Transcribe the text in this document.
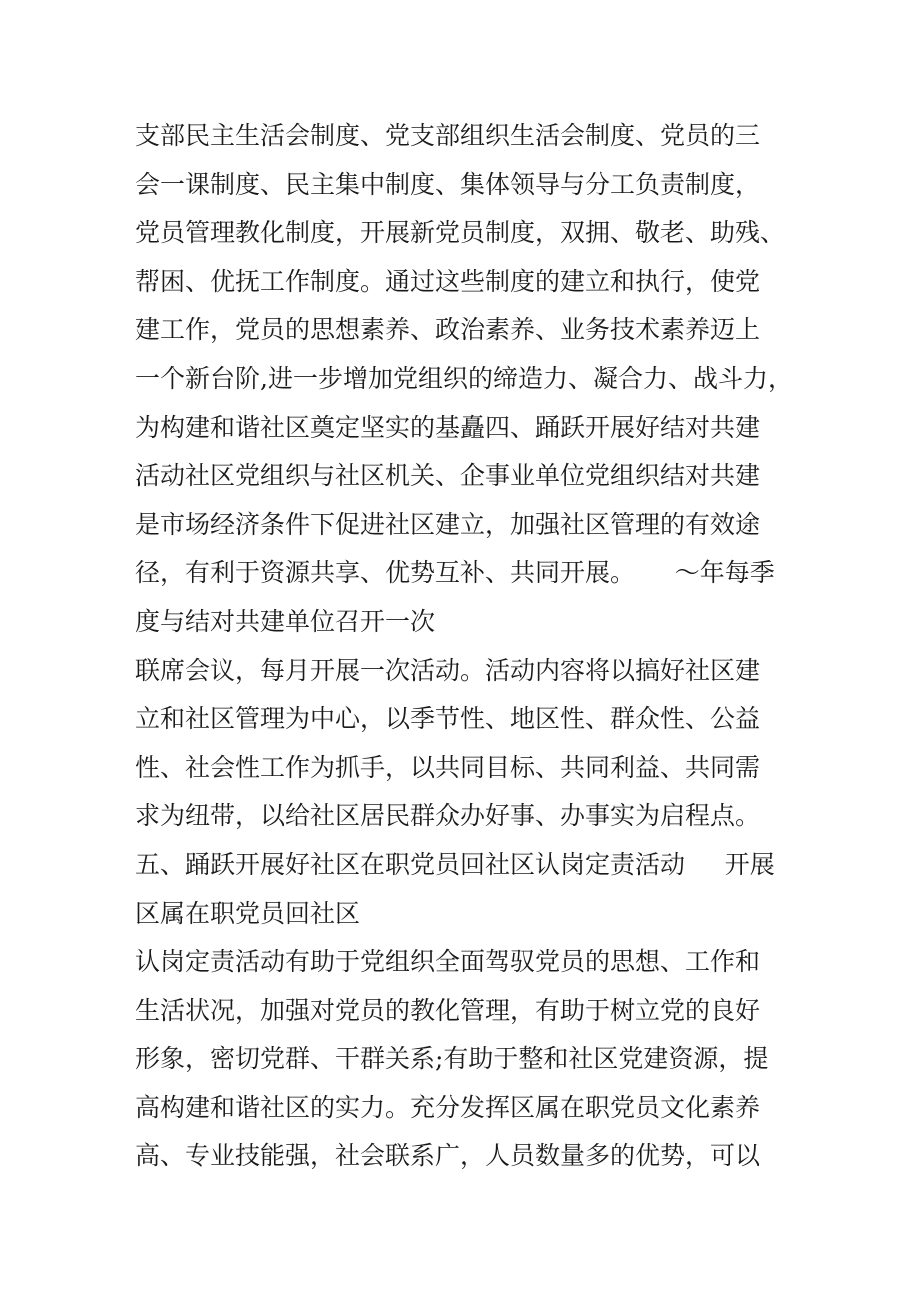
支部民主生活会制度、党支部组织生活会制度、党员的三
会一课制度、民主集中制度、集体领导与分工负责制度，
党员管理教化制度，开展新党员制度，双拥、敬老、助残、
帮困、优抚工作制度。通过这些制度的建立和执行，使党
建工作，党员的思想素养、政治素养、业务技术素养迈上
一个新台阶,进一步增加党组织的缔造力、凝合力、战斗力，
为构建和谐社区奠定坚实的基矗四、踊跃开展好结对共建
活动社区党组织与社区机关、企事业单位党组织结对共建
是市场经济条件下促进社区建立，加强社区管理的有效途
径，有利于资源共享、优势互补、共同开展。     ～年每季
度与结对共建单位召开一次
联席会议，每月开展一次活动。活动内容将以搞好社区建
立和社区管理为中心，以季节性、地区性、群众性、公益
性、社会性工作为抓手，以共同目标、共同利益、共同需
求为纽带，以给社区居民群众办好事、办事实为启程点。
五、踊跃开展好社区在职党员回社区认岗定责活动     开展
区属在职党员回社区
认岗定责活动有助于党组织全面驾驭党员的思想、工作和
生活状况，加强对党员的教化管理，有助于树立党的良好
形象，密切党群、干群关系;有助于整和社区党建资源，提
高构建和谐社区的实力。充分发挥区属在职党员文化素养
高、专业技能强，社会联系广，人员数量多的优势，可以
